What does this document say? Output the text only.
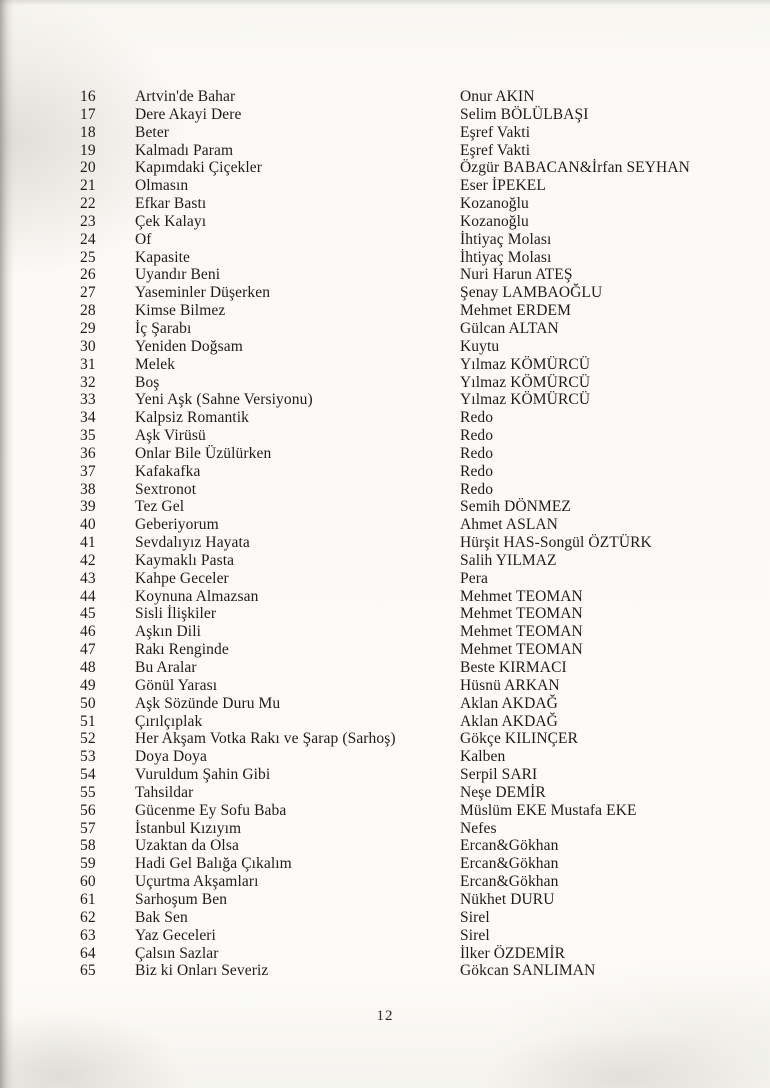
16	Artvin'de Bahar	Onur AKIN
17	Dere Akayi Dere	Selim BÖLÜLBAŞI
18	Beter	Eşref Vakti
19	Kalmadı Param	Eşref Vakti
20	Kapımdaki Çiçekler	Özgür BABACAN&İrfan SEYHAN
21	Olmasın	Eser İPEKEL
22	Efkar Bastı	Kozanoğlu
23	Çek Kalayı	Kozanoğlu
24	Of	İhtiyaç Molası
25	Kapasite	İhtiyaç Molası
26	Uyandır Beni	Nuri Harun ATEŞ
27	Yaseminler Düşerken	Şenay LAMBAOĞLU
28	Kimse Bilmez	Mehmet ERDEM
29	İç Şarabı	Gülcan ALTAN
30	Yeniden Doğsam	Kuytu
31	Melek	Yılmaz KÖMÜRCÜ
32	Boş	Yılmaz KÖMÜRCÜ
33	Yeni Aşk (Sahne Versiyonu)	Yılmaz KÖMÜRCÜ
34	Kalpsiz Romantik	Redo
35	Aşk Virüsü	Redo
36	Onlar Bile Üzülürken	Redo
37	Kafakafka	Redo
38	Sextronot	Redo
39	Tez Gel	Semih DÖNMEZ
40	Geberiyorum	Ahmet ASLAN
41	Sevdalıyız Hayata	Hürşit HAS-Songül ÖZTÜRK
42	Kaymaklı Pasta	Salih YILMAZ
43	Kahpe Geceler	Pera
44	Koynuna Almazsan	Mehmet TEOMAN
45	Sisli İlişkiler	Mehmet TEOMAN
46	Aşkın Dili	Mehmet TEOMAN
47	Rakı Renginde	Mehmet TEOMAN
48	Bu Aralar	Beste KIRMACI
49	Gönül Yarası	Hüsnü ARKAN
50	Aşk Sözünde Duru Mu	Aklan AKDAĞ
51	Çırılçıplak	Aklan AKDAĞ
52	Her Akşam Votka Rakı ve Şarap (Sarhoş)	Gökçe KILINÇER
53	Doya Doya	Kalben
54	Vuruldum Şahin Gibi	Serpil SARI
55	Tahsildar	Neşe DEMİR
56	Gücenme Ey Sofu Baba	Müslüm EKE Mustafa EKE
57	İstanbul Kızıyım	Nefes
58	Uzaktan da Olsa	Ercan&Gökhan
59	Hadi Gel Balığa Çıkalım	Ercan&Gökhan
60	Uçurtma Akşamları	Ercan&Gökhan
61	Sarhoşum Ben	Nükhet DURU
62	Bak Sen	Sirel
63	Yaz Geceleri	Sirel
64	Çalsın Sazlar	İlker ÖZDEMİR
65	Biz ki Onları Severiz	Gökcan SANLIMAN
12
